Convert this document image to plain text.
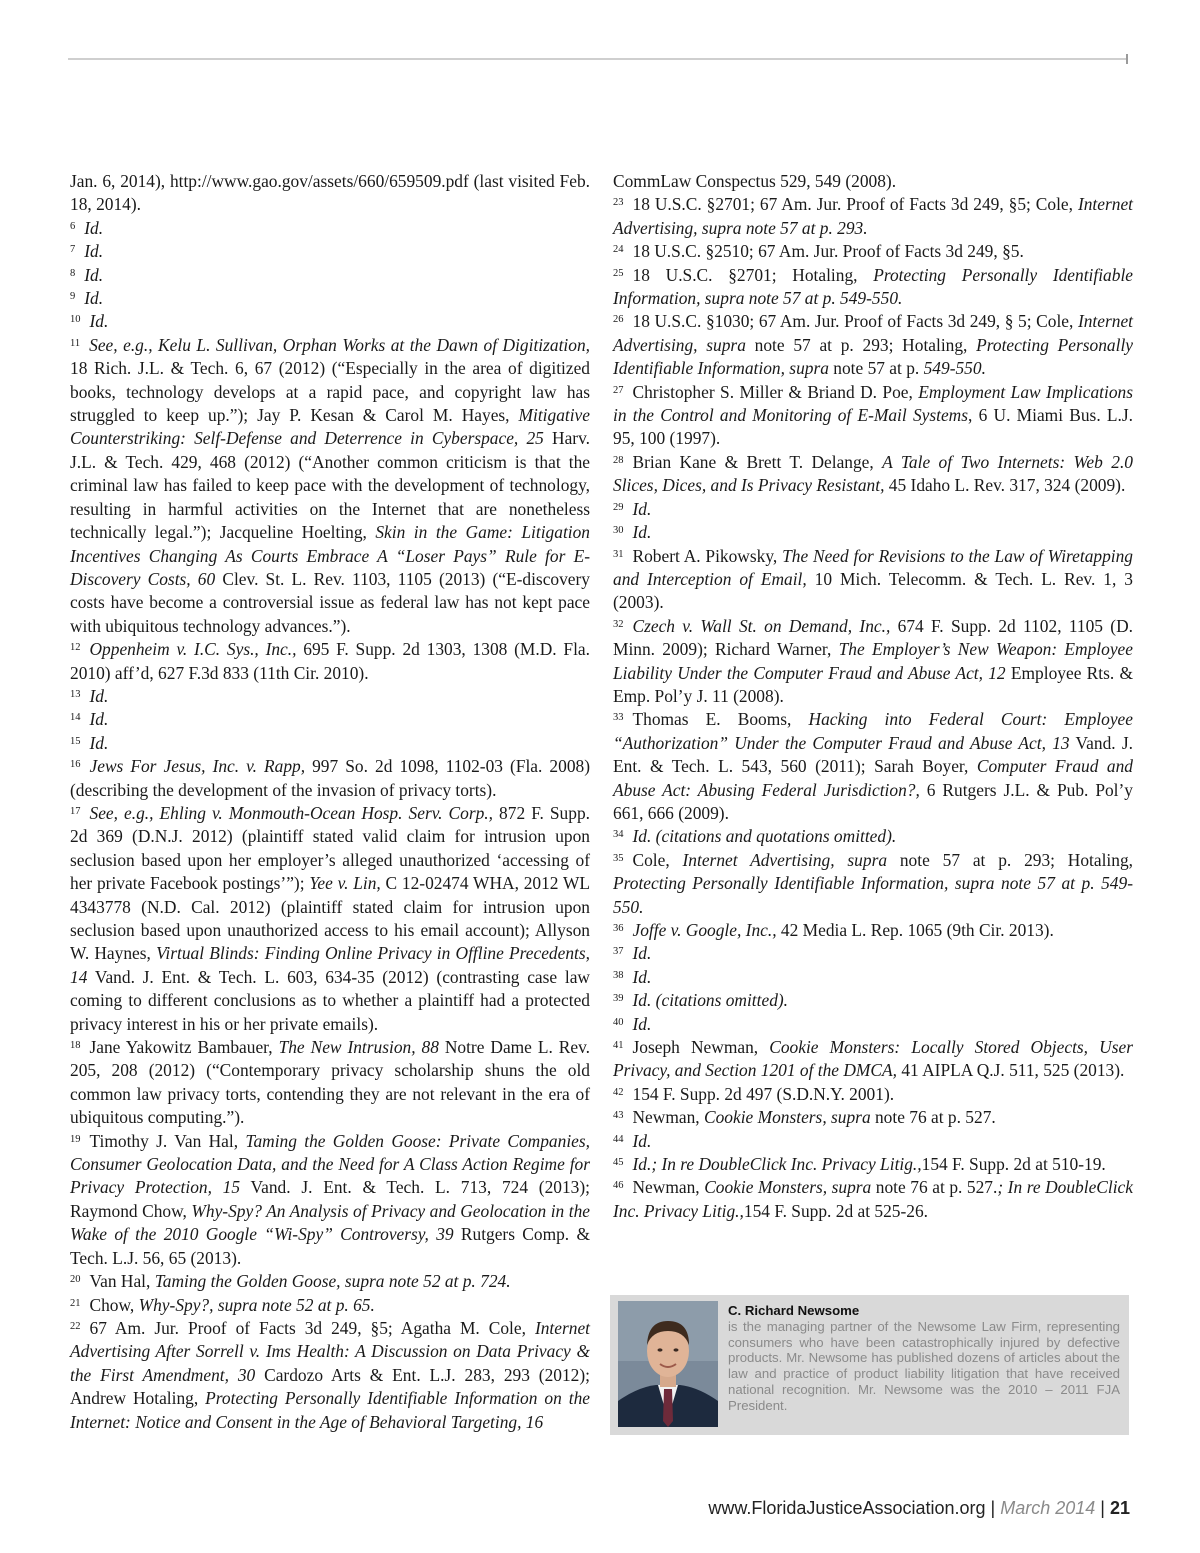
Jan. 6, 2014), http://www.gao.gov/assets/660/659509.pdf (last visited Feb. 18, 2014).

$^6$ Id.

$^7$ Id.

$^8$ Id.

$^9$ Id.

$^{10}$ Id.

$^{11}$ See, e.g., Kelu L. Sullivan, Orphan Works at the Dawn of Digitization, 18 Rich. J.L. & Tech. 6, 67 (2012) (“Especially in the area of digitized books, technology develops at a rapid pace, and copyright law has struggled to keep up.”); Jay P. Kesan & Carol M. Hayes, Mitigative Counterstriking: Self-Defense and Deterrence in Cyberspace, 25 Harv. J.L. & Tech. 429, 468 (2012) (“Another common criticism is that the criminal law has failed to keep pace with the development of technology, resulting in harmful activities on the Internet that are nonetheless technically legal.”); Jacqueline Hoelting, Skin in the Game: Litigation Incentives Changing As Courts Embrace A “Loser Pays” Rule for E-Discovery Costs, 60 Clev. St. L. Rev. 1103, 1105 (2013) (“E-discovery costs have become a controversial issue as federal law has not kept pace with ubiquitous technology advances.”).

$^{12}$ Oppenheim v. I.C. Sys., Inc., 695 F. Supp. 2d 1303, 1308 (M.D. Fla. 2010) aff’d, 627 F.3d 833 (11th Cir. 2010).

$^{13}$ Id.

$^{14}$ Id.

$^{15}$ Id.

$^{16}$ Jews For Jesus, Inc. v. Rapp, 997 So. 2d 1098, 1102-03 (Fla. 2008) (describing the development of the invasion of privacy torts).

$^{17}$ See, e.g., Ehling v. Monmouth-Ocean Hosp. Serv. Corp., 872 F. Supp. 2d 369 (D.N.J. 2012) (plaintiff stated valid claim for intrusion upon seclusion based upon her employer’s alleged unauthorized ‘accessing of her private Facebook postings’”); Yee v. Lin, C 12-02474 WHA, 2012 WL 4343778 (N.D. Cal. 2012) (plaintiff stated claim for intrusion upon seclusion based upon unauthorized access to his email account); Allyson W. Haynes, Virtual Blinds: Finding Online Privacy in Offline Precedents, 14 Vand. J. Ent. & Tech. L. 603, 634-35 (2012) (contrasting case law coming to different conclusions as to whether a plaintiff had a protected privacy interest in his or her private emails).

$^{18}$ Jane Yakowitz Bambauer, The New Intrusion, 88 Notre Dame L. Rev. 205, 208 (2012) (“Contemporary privacy scholarship shuns the old common law privacy torts, contending they are not relevant in the era of ubiquitous computing.”).

$^{19}$ Timothy J. Van Hal, Taming the Golden Goose: Private Companies, Consumer Geolocation Data, and the Need for A Class Action Regime for Privacy Protection, 15 Vand. J. Ent. & Tech. L. 713, 724 (2013); Raymond Chow, Why-Spy? An Analysis of Privacy and Geolocation in the Wake of the 2010 Google “Wi-Spy” Controversy, 39 Rutgers Comp. & Tech. L.J. 56, 65 (2013).

$^{20}$ Van Hal, Taming the Golden Goose, supra note 52 at p. 724.

$^{21}$ Chow, Why-Spy?, supra note 52 at p. 65.

$^{22}$ 67 Am. Jur. Proof of Facts 3d 249, §5; Agatha M. Cole, Internet Advertising After Sorrell v. Ims Health: A Discussion on Data Privacy & the First Amendment, 30 Cardozo Arts & Ent. L.J. 283, 293 (2012); Andrew Hotaling, Protecting Personally Identifiable Information on the Internet: Notice and Consent in the Age of Behavioral Targeting, 16

CommLaw Conspectus 529, 549 (2008).

$^{23}$ 18 U.S.C. §2701; 67 Am. Jur. Proof of Facts 3d 249, §5; Cole, Internet Advertising, supra note 57 at p. 293.

$^{24}$ 18 U.S.C. §2510; 67 Am. Jur. Proof of Facts 3d 249, §5.

$^{25}$ 18 U.S.C. §2701; Hotaling, Protecting Personally Identifiable Information, supra note 57 at p. 549-550.

$^{26}$ 18 U.S.C. §1030; 67 Am. Jur. Proof of Facts 3d 249, § 5; Cole, Internet Advertising, supra note 57 at p. 293; Hotaling, Protecting Personally Identifiable Information, supra note 57 at p. 549-550.

$^{27}$ Christopher S. Miller & Briand D. Poe, Employment Law Implications in the Control and Monitoring of E-Mail Systems, 6 U. Miami Bus. L.J. 95, 100 (1997).

$^{28}$ Brian Kane & Brett T. Delange, A Tale of Two Internets: Web 2.0 Slices, Dices, and Is Privacy Resistant, 45 Idaho L. Rev. 317, 324 (2009).

$^{29}$ Id.

$^{30}$ Id.

$^{31}$ Robert A. Pikowsky, The Need for Revisions to the Law of Wiretapping and Interception of Email, 10 Mich. Telecomm. & Tech. L. Rev. 1, 3 (2003).

$^{32}$ Czech v. Wall St. on Demand, Inc., 674 F. Supp. 2d 1102, 1105 (D. Minn. 2009); Richard Warner, The Employer’s New Weapon: Employee Liability Under the Computer Fraud and Abuse Act, 12 Employee Rts. & Emp. Pol’y J. 11 (2008).

$^{33}$ Thomas E. Booms, Hacking into Federal Court: Employee “Authorization” Under the Computer Fraud and Abuse Act, 13 Vand. J. Ent. & Tech. L. 543, 560 (2011); Sarah Boyer, Computer Fraud and Abuse Act: Abusing Federal Jurisdiction?, 6 Rutgers J.L. & Pub. Pol’y 661, 666 (2009).

$^{34}$ Id. (citations and quotations omitted).

$^{35}$ Cole, Internet Advertising, supra note 57 at p. 293; Hotaling, Protecting Personally Identifiable Information, supra note 57 at p. 549-550.

$^{36}$ Joffe v. Google, Inc., 42 Media L. Rep. 1065 (9th Cir. 2013).

$^{37}$ Id.

$^{38}$ Id.

$^{39}$ Id. (citations omitted).

$^{40}$ Id.

$^{41}$ Joseph Newman, Cookie Monsters: Locally Stored Objects, User Privacy, and Section 1201 of the DMCA, 41 AIPLA Q.J. 511, 525 (2013).

$^{42}$ 154 F. Supp. 2d 497 (S.D.N.Y. 2001).

$^{43}$ Newman, Cookie Monsters, supra note 76 at p. 527.

$^{44}$ Id.

$^{45}$ Id.; In re DoubleClick Inc. Privacy Litig.,154 F. Supp. 2d at 510-19.

$^{46}$ Newman, Cookie Monsters, supra note 76 at p. 527.; In re DoubleClick Inc. Privacy Litig.,154 F. Supp. 2d at 525-26.

C. Richard Newsome
is the managing partner of the Newsome Law Firm, representing consumers who have been catastrophically injured by defective products. Mr. Newsome has published dozens of articles about the law and practice of product liability litigation that have received national recognition. Mr. Newsome was the 2010 – 2011 FJA President.
www.FloridaJusticeAssociation.org | March 2014 | 21
